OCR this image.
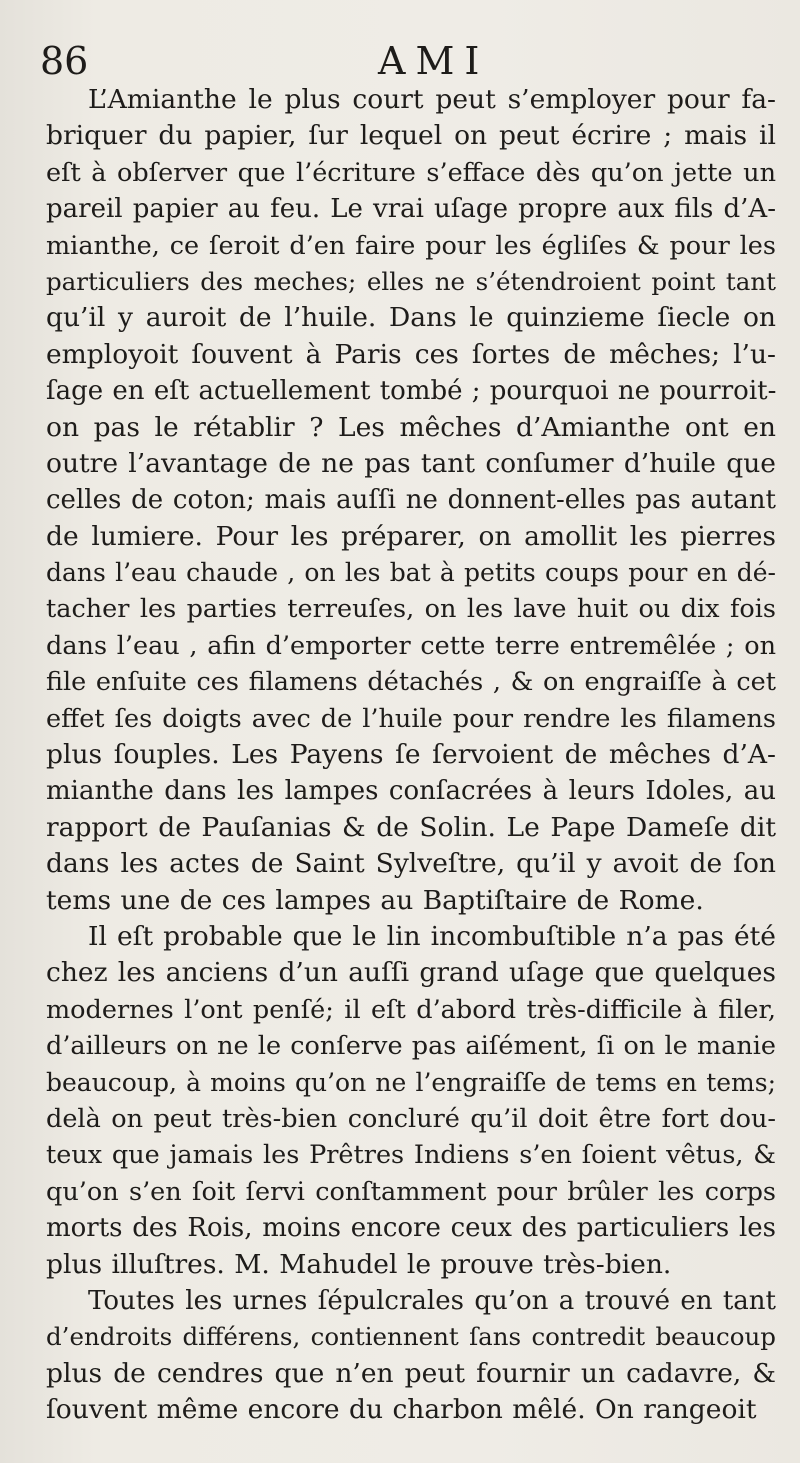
86	AMI
L’Amianthe le plus court peut s’employer pour fa-
briquer du papier, ſur lequel on peut écrire ; mais il
eſt à obſerver que l’écriture s’efface dès qu’on jette un
pareil papier au feu. Le vrai uſage propre aux fils d’A-
mianthe, ce ſeroit d’en faire pour les égliſes & pour les
particuliers des meches; elles ne s’étendroient point tant
qu’il y auroit de l’huile. Dans le quinzieme ſiecle on
employoit ſouvent à Paris ces ſortes de mêches; l’u-
ſage en eſt actuellement tombé ; pourquoi ne pourroit-
on pas le rétablir ? Les mêches d’Amianthe ont en
outre l’avantage de ne pas tant conſumer d’huile que
celles de coton; mais auſſi ne donnent-elles pas autant
de lumiere. Pour les préparer, on amollit les pierres
dans l’eau chaude , on les bat à petits coups pour en dé-
tacher les parties terreuſes, on les lave huit ou dix fois
dans l’eau , afin d’emporter cette terre entremêlée ; on
file enſuite ces filamens détachés , & on engraiſſe à cet
effet ſes doigts avec de l’huile pour rendre les filamens
plus ſouples. Les Payens ſe ſervoient de mêches d’A-
mianthe dans les lampes conſacrées à leurs Idoles, au
rapport de Pauſanias & de Solin. Le Pape Dameſe dit
dans les actes de Saint Sylveſtre, qu’il y avoit de ſon
tems une de ces lampes au Baptiſtaire de Rome.
Il eſt probable que le lin incombuſtible n’a pas été
chez les anciens d’un auſſi grand uſage que quelques
modernes l’ont penſé; il eſt d’abord très-difficile à filer,
d’ailleurs on ne le conſerve pas aiſément, ſi on le manie
beaucoup, à moins qu’on ne l’engraiſſe de tems en tems;
delà on peut très-bien concluré qu’il doit être fort dou-
teux que jamais les Prêtres Indiens s’en ſoient vêtus, &
qu’on s’en ſoit ſervi conſtamment pour brûler les corps
morts des Rois, moins encore ceux des particuliers les
plus illuſtres. M. Mahudel le prouve très-bien.
Toutes les urnes ſépulcrales qu’on a trouvé en tant
d’endroits différens, contiennent ſans contredit beaucoup
plus de cendres que n’en peut fournir un cadavre, &
ſouvent même encore du charbon mêlé. On rangeoit
